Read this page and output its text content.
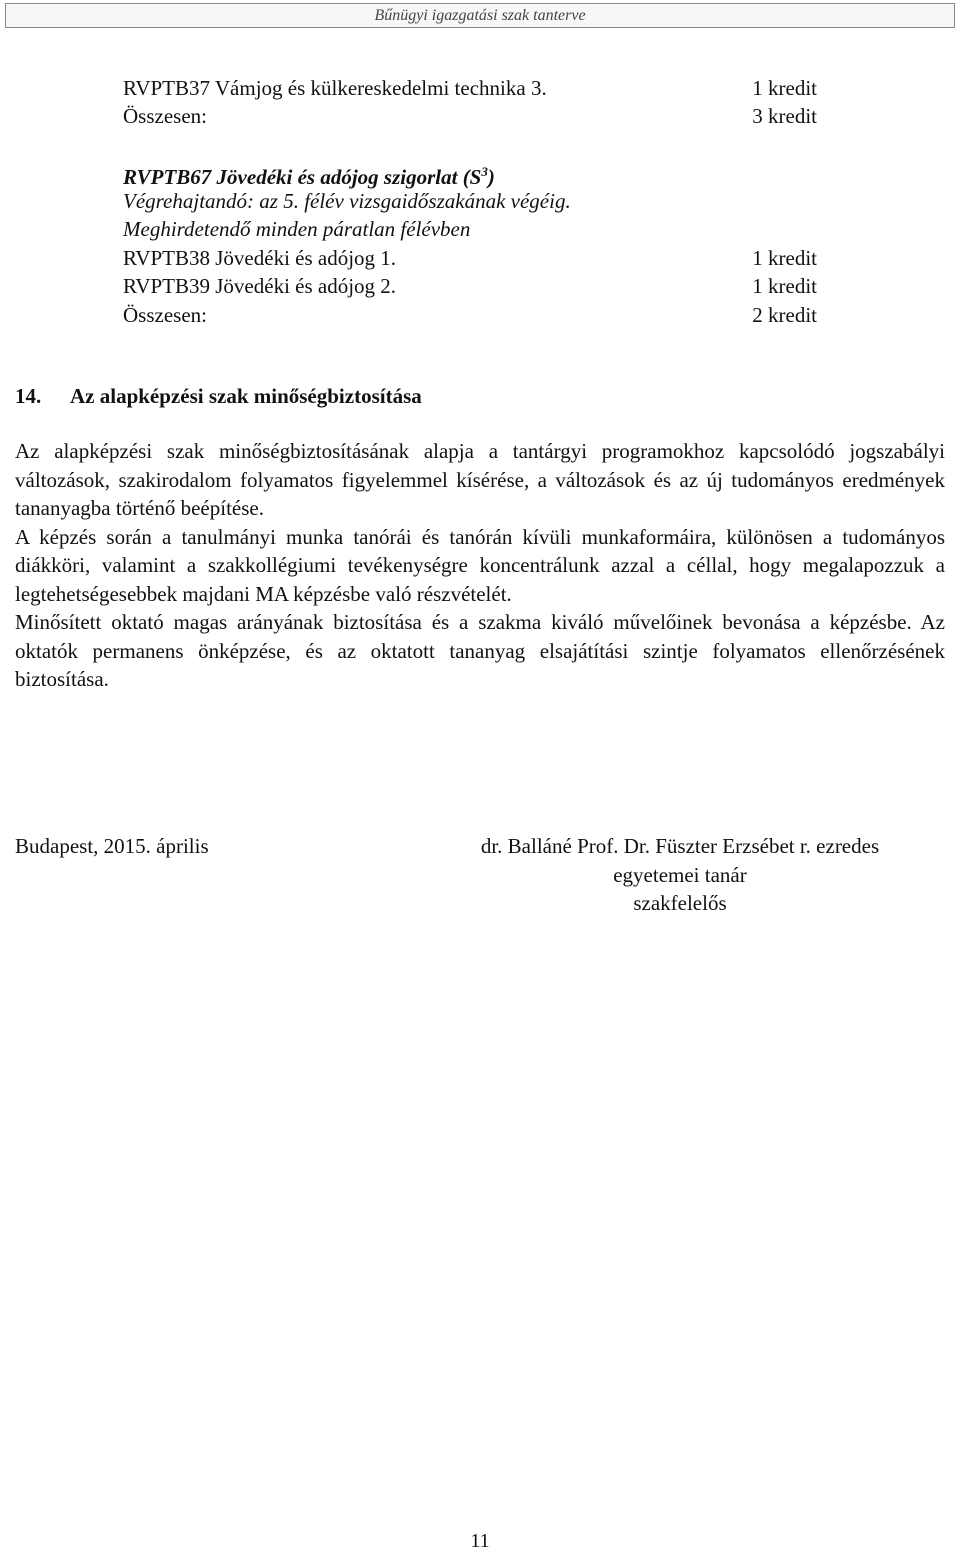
Bűnügyi igazgatási szak tanterve
RVPTB37 Vámjog és külkereskedelmi technika 3.	1 kredit
Összesen:	3 kredit
RVPTB67 Jövedéki és adójog szigorlat $(S^3)$
Végrehajtandó: az 5. félév vizsgaidőszakának végéig.
Meghirdetendő minden páratlan félévben
RVPTB38 Jövedéki és adójog 1.	1 kredit
RVPTB39 Jövedéki és adójog 2.	1 kredit
Összesen:	2 kredit
14. Az alapképzési szak minőségbiztosítása

Az alapképzési szak minőségbiztosításának alapja a tantárgyi programokhoz kapcsolódó jogszabályi változások, szakirodalom folyamatos figyelemmel kísérése, a változások és az új tudományos eredmények tananyagba történő beépítése.

A képzés során a tanulmányi munka tanórái és tanórán kívüli munkaformáira, különösen a tudományos diákköri, valamint a szakkollégiumi tevékenységre koncentrálunk azzal a céllal, hogy megalapozzuk a legtehetségesebbek majdani MA képzésbe való részvételét.

Minősített oktató magas arányának biztosítása és a szakma kiváló művelőinek bevonása a képzésbe. Az oktatók permanens önképzése, és az oktatott tananyag elsajátítási szintje folyamatos ellenőrzésének biztosítása.

Budapest, 2015. április	dr. Balláné Prof. Dr. Füszter Erzsébet r. ezredes
egyetemei tanár
szakfelelős
11
